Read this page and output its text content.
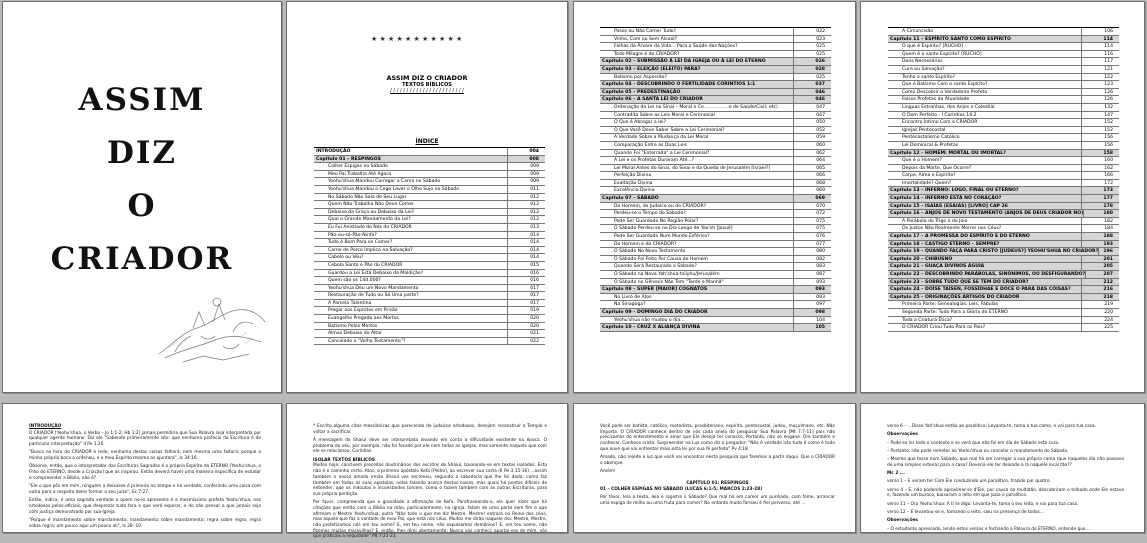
ASSIM
DIZ
O
CRIADOR
★ ★ ★ ★ ★ ★ ★ ★ ★ ★ ★
ASSIM DIZ O CRIADOR
TEXTOS BÍBLICOS
/ / / / / / / / / / / / / / / / / / / / / / /
ÍNDICE
INTRODUÇÃO	004
Capítulo 01 – RESPINGOS	008
Colher Espigas no Sábado	009
Meu Pai Trabalha Até Agora	009
Yeohu'shua Mandou Carregar a Cama no Sábado	009
Yeohu'shua Mandou o Cego Lavar o Olho Sujo no Sábado	011
No Sábado Não Saia de Seu Lugar	012
Quem Não Trabalha Não Deve Comer	012
Debaixo da Graça ou Debaixo da Lei?	012
Qual o Grande Mandamento da Lei?	012
Eu Fui Anistiado do Nós do CRIADOR	013
Pão-ou-só-Pão-Ninfa?	014
Tudo é Bom Para se Comer?	014
Carne de Porco Implica na Salvação?	014
Cabelo ou Véu?	014
Cebola Santo e Pão do CRIADOR	015
Guardou a Lei Está Debaixo da Maldição?	016
Quem são os 144.000?	016
Yeohu'shua Deu um Novo Mandamento	017
Restauração de Tudo ou Só Uma parte?	017
A Parcela Talentina	017
Pregar aos Espíritos em Prisão	019
Evangelho Pregado aos Mortos	020
Batismo Pelos Mortos	020
Almas Debaixo do Altar	021
Cancelado o "Velho Testamento"?	022
Posso ou Não Comer Tudo?	022
Vinho, Com ou Sem Álcool?	023
Folhas da Árvore da Vida... Para a Saúde das Nações?	025
Todo Milagre é do CRIADOR?	025
Capítulo 02 – SUBMISSÃO À LEI DA IGREJA OU À LEI DO ETERNO	026
Capítulo 03 – ELEIÇÃO (ELEITO) PARA?	028
Batismo por Aspersão?	025
Capítulo 04 – DESCOBRINDO O FERTILIDADE CORINTIOS 1:1	037
Capítulo 05 – PREDESTINAÇÃO	046
Capítulo 06 – A SANTA LEI DO CRIADOR	046
Ordenação da Lei no Sinal – Moral e Ce.................e de Saúde/Civil; etc)	047
Contradita Sobre as Leis Moral e Cerimonial	047
O Que é Abrogar a lei?	050
O Que Você Deve Saber Sobre a Lei Cerimonial?	052
A Verdade Sobre a Mudança da Lei Moral	059
Comparação Entre as Duas Leis	060
Quando Foi "Enterrada" a Lei Cerimonial?	062
A Lei e os Profetas Duraram Até...?	064
Lei Moral Antes do Sinai, do Sinai e da Queda de Jerusalém [Israel?]	065
Perfeição Divina	066
Exaltação Divina	068
Excelência Divina	069
Capítulo 07 – SÁBADO	069
Do Homem, do Judaico ou do CRIADOR?	070
Perdeu-se o Tempo do Sábado?	072
Pode Ser Guardado No Região Polar?	075
O Sábado Perdeu-se no Dia Longo de Yao'sh [Josué]	075
Pode Ser Guardado Num Mundo Esférico?	076
Do Homem e do CRIADOR?	077
O Sábado No Novo Testamento	080
O Sábado Foi Feito Por Causa do Homem	082
Quando Será Restaurado o Sábado?	083
O Sábado na Nova Yah'shua-tsiiyhu/Jerusalém	087
O Sábado no Gênesis Não Tem "Tarde e Manhã"	093
Capítulo 08 – SUPER [MAIOR] COGNATOS	093
No Livro de Atos	093
Na Sinagoga?	097
Capítulo 09 – DOMINGO DIA DO CRIADOR	098
Yeohu'shua não mudou o dia...	104
Capítulo 10 – CRUZ X ALIANÇA DIVINA	105
A Circuncisão	106
Capítulo 11 – ESPÍRITO SANTO COMO ESPÍRITO	114
O que é Espírito? [RUCHO]	114
Quem é o santo Espírito? [RUCHO]	116
Dons Necessários	117
Cura ou Salvação?	121
Tenho o santo Espírito?	122
Que é Batismo Com o santo Espírito?	123
Como Descobrir o Verdadeiro Profeta	126
Falsos Profetas da Atualidade	126
Linguas Estranhas, dos Anjos e Celestial	132
O Dom Perfeito - I Coríntios 14:2	147
Encontro Íntimo Com o CRIADOR	152
Igrejas Pentecostal	152
Pentecostalismo Católico	156
Lei Dominical & Profetas	156
Capítulo 12 – HOMEM: MORTAL OU IMORTAL?	158
Que é o Homem?	160
Depois da Morte, Que Ocorre?	162
Corpo, Alma e Espírito?	166
Imortalidade? Quem?	172
Capítulo 13 – INFERNO: LOGO, FINAL OU ETERNO?	173
Capítulo 14 – INFERNO ESTÁ NO CORAÇÃO?	177
Capítulo 15 – ISAÍAS (ESAIAS) [LIVRO] CAP 26	178
Capítulo 16 – ANJOS DE NOVO TESTAMENTO (ANJOS DE DEUS CRIADOR NO)	180
A Parábola do Trigo e do Joio	182
Os Justos Não Realmente Morrer nos Céus?	184
Capítulo 17 – A PROMESSA DO ESPÍRITO E DO ETERNO	188
Capítulo 18 – CASTIGO ETERNO – SEMPRE?	193
Capítulo 19 – QUANDO FAÇA PARA CRISTO [JUDEUS?] YEOHU'SHUA NO CRIADOR?	196
Capítulo 20 – CHIBUSNO	201
Capítulo 21 – GUAÇA DIVINOS ÁGUIA	205
Capítulo 22 – DESCOBRINDO PARÁBOLAS, SINÔNIMOS, OU DESFIGURANDO?	207
Capítulo 23 – SOBRE TUDO QUE SE TEM DO CRIADOR?	212
Capítulo 24 – DOÍSE TAÍSEN, FOSSÍDHAE E DOCE O PARÁ DAS COISAS?	216
Capítulo 25 – ORIGINAÇÕES ARTIGOS DO CRIADOR	218
Primeira Parte: Genealogias, Leis, Fábulas	219
Segunda Parte: Tudo Para a Glória do ETERNO	220
Toda a Criatura Ética?	224
O CRIADOR Criou Tudo Para os Pais?	225
INTRODUÇÃO

O CRIADOR [Yeohu'shua, o Verbo – Jo 1:1-2; Hb 1:2] jamais permitiria que Sua Palavra seja interpretada por qualquer agente humano. Diz ele "Sabendo primeiramente isto: que nenhuma profecia da Escritura é de particular interpretação" II Pe 1:20.

"Busca no livro do CRIADOR e lede; nenhuma destas coisas falhará, nem mesmo uma faltará; porque a minha própria boca o ordenou, e o meu Espírito mesmo as ajuntará", Is 34:16.

Observe, então, que o interpretador das Escrituras Sagradas é o próprio Espírito do ETERNO [Yeohu'shua, o Filho do ETERNO, desde a Criação] que as inspirou. Então deverá haver uma maneira específica de estudar e compreender a Bíblia, não é?

"Ele o que pôs em mim, ninguém a deixasse é primeiro no tempo e na verdade, conferindo uma coisa com outra para a respeito deles formar o seu juízo", Ec 7:27.

Então, indica, é uma sagrada verdade a quem no-lo apresenta é a mesmíssimo profeta Yeohu'shua, nos ortodoxos pelos-oficiais, que desprezar tudo fora o que verá esperar, e do não pensar a que jamais seja com justiça demonstrado por sua-Igreja.

"Porque é mandamento sobre mandamento, mandamento sobre mandamento; regra sobre regra, regra sobre regra; um pouco aqui um pouco ali", Is 28: 10.

* Escrito alguma citas messiânicas que parecendo de judaicos ortodoxos, desejam reconstruir o Templo e voltar a sacrificar.

A mensagem do Shaíul deve ser interpretada levando em conta a dificuldade existente na época. O problema do véu, por exemplo, não foi focado por ele nem todas as igrejas, mas somente naquela que com ele se relacionou: Coríntios.

ISOLAR TEXTOS BÍBLICOS

Muitos hoje, concluem preceitos doutrinários dos escritos do Shaíul, baseando-se em textos isolados. Esta não é o caminho certo. Atos, o primeiro apóstolo Kefa [Pedro], ao escrever sua carta (II Pe 3:15-16) ...assim também o nosso amado irmão Shaíul vos escreveu, segundo a sabedoria que lhe foi dada; como faz também em todas as suas epístolas, nelas falando acerca destas coisas, mas quais há pontos difíceis de entender, que os indoutos e inconstantes torcem, como o fazem também com as outras Escrituras, para sua própria perdição.

Por favor, compreenda que a gravidade a afirmação de Kefa. Parafraseando-o, ele quer dizer que há citações que então com a Bíblia na mão, particularmente, na igreja, falam de uma parte sem fim e que afirmam o Mestre Yeohu'shua, outra "Não todo o que me diz Mestre, Mestre! entrará no Reino dos céus, mas aquele que faz a vontade de meu Pai, que está nos céus. Muitos me dirão naquele dia: Mestre, Mestre, não profetizamos nós em teu nome? E, em teu nome, não expulsamos demônios? E, em teu nome, não fizemos muitas maravilhas? E, então, lhes direi abertamente: Nunca vos conheci; apartai-vos de mim, vós que praticais a iniquidade" Mt 7:21-23.

Você pode ser batista, católico, metodista, presbiteriano, espírita, pentecostal, judeu, muçulmano, etc. Não importa. O CRIADOR conhece dentro de nós cada anelo do pesquisar Sua Palavra [Mt 7:7-11] pois não precisamos do entendimento e amor que Ele deseja ter conosco, Portanto, não se engane. Ore também e conhecer. Conhece cristo. Surpreender na Luz como diz o pregador: "Não é verdade isto tudo é como é tudo que ouve que vai enfrentar mais esta lei por sua fé perfeito" Pv 4:18.

Amado, não rejeite a luz que você vai encontrar nesta pesquisa que faremos a partir daqui. Que o CRIADOR o abençoe.

Amém!

CAPÍTULO 01: RESPINGOS

01 – COLHER ESPIGAS NO SÁBADO (LUCAS 6:1-5; MARCOS 2:23-28)

Por favor, leia o texto, leia e registre o Sábado? Que mal há em comer um punhado, com fome, arrancar uma espiga de milho ou uma fruta para comer? No entanto muito fariseu é fiel perverso, até ...

verso 6 – ...Disse Yah'shua então ao paralítico: Levanta-te, toma a tua cama, e vai para tua casa.

Observações

– Pode-se ler todo o contexto e se verá que não foi em dia de Sábado esta cura.

– Portanto, não pode remeter ao Yeohu'shua ou cancelar o mandamento do Sábado.

– Mesmo que fosse num Sábado, que mal há em carregar a sua própria cama (que naqueles dia não passava de uma simples esteira) para a casa? Deveria ele ter deixado-a lá naquele local tão??

Mc 2 ...

verso 1 – E veram ter Com Ele conduzindo um paralítico, trazido por quatro.

verso 4 – E, não podendo aproximar-se d'Ele, por causa da multidão, descobriram o telhado onde Ele estava e, fazendo um buraco, baixaram o leito em que jazia o paralítico.

verso 11 – Ora Yeohu'shua: A ti te digo: Levanta-te, toma o teu leito, e vai para tua casa.

verso 12 – E levantou-se e, tomando o leito, saiu na presença de todos...

Observações

– O estudante apressado, lendo estes versos e fechando a Palavra do ETERNO, entende que ...
